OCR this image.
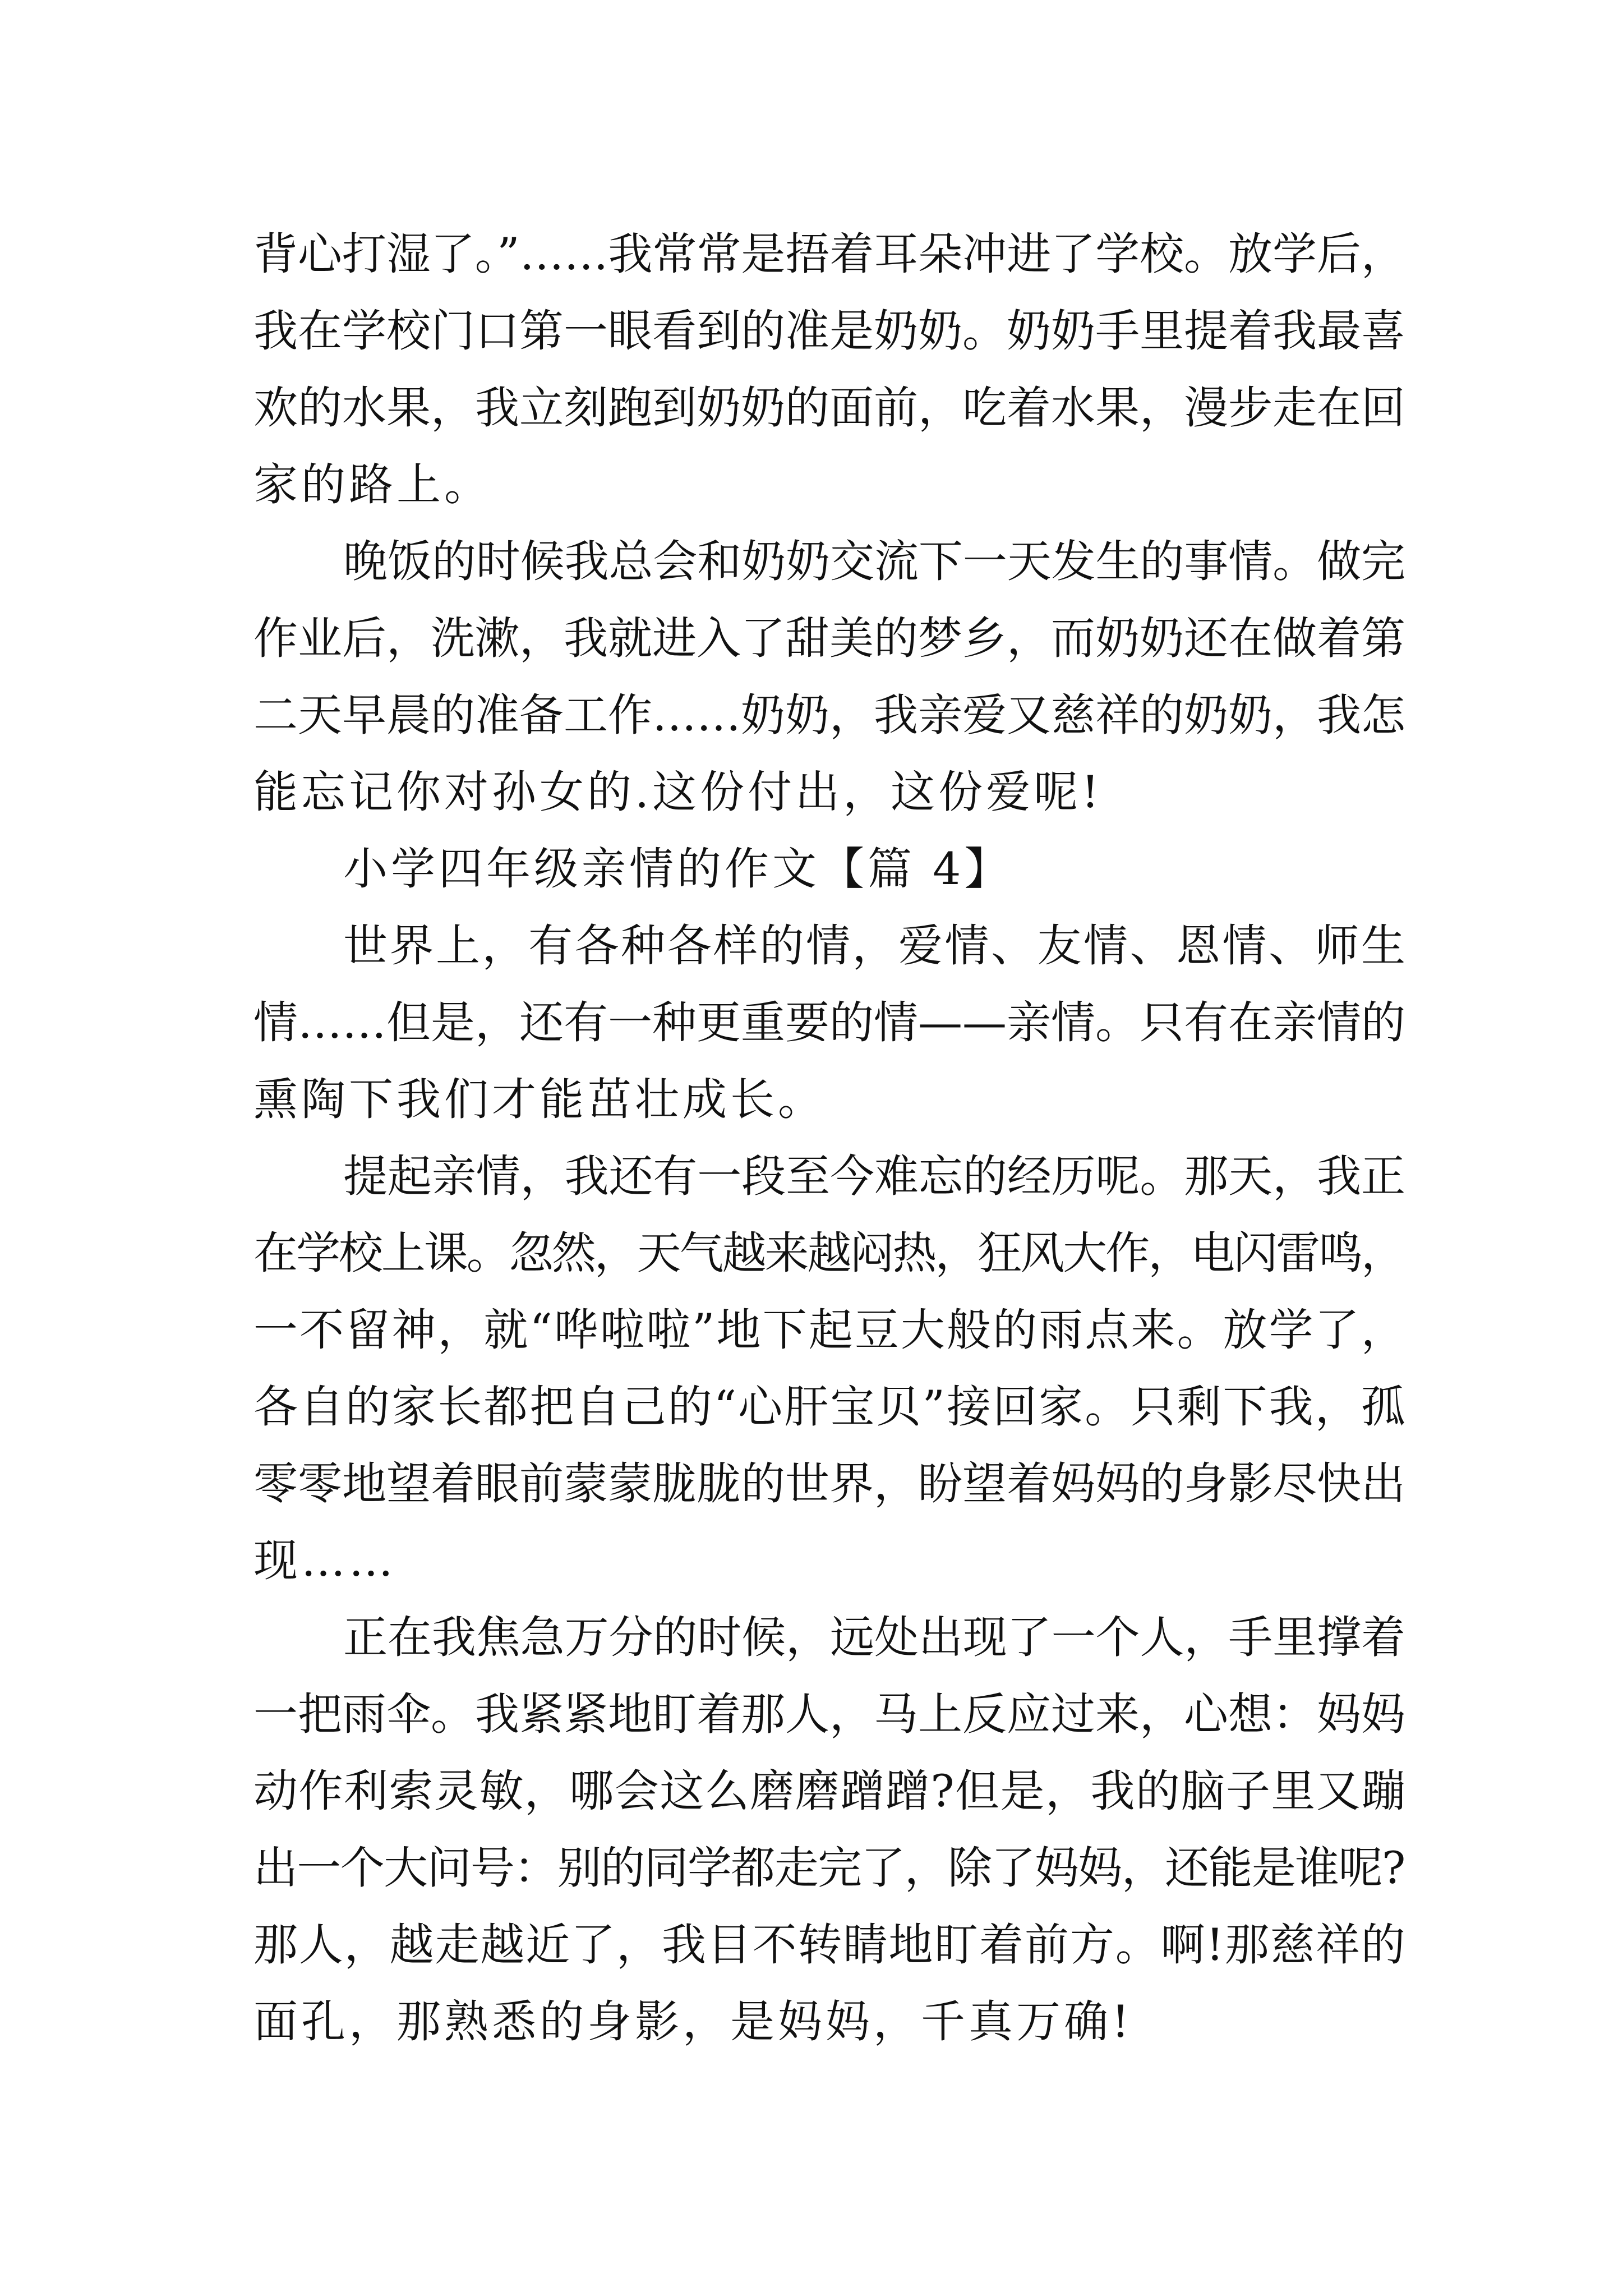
背心打湿了。”……我常常是捂着耳朵冲进了学校。放学后，
我在学校门口第一眼看到的准是奶奶。奶奶手里提着我最喜
欢的水果，我立刻跑到奶奶的面前，吃着水果，漫步走在回
家的路上。
晚饭的时候我总会和奶奶交流下一天发生的事情。做完
作业后，洗漱，我就进入了甜美的梦乡，而奶奶还在做着第
二天早晨的准备工作……奶奶，我亲爱又慈祥的奶奶，我怎
能忘记你对孙女的.这份付出，这份爱呢!
小学四年级亲情的作文【篇 4】
世界上，有各种各样的情，爱情、友情、恩情、师生
情……但是，还有一种更重要的情——亲情。只有在亲情的
熏陶下我们才能茁壮成长。
提起亲情，我还有一段至今难忘的经历呢。那天，我正
在学校上课。忽然，天气越来越闷热，狂风大作，电闪雷鸣，
一不留神，就“哗啦啦”地下起豆大般的雨点来。放学了，
各自的家长都把自己的“心肝宝贝”接回家。只剩下我，孤
零零地望着眼前蒙蒙胧胧的世界，盼望着妈妈的身影尽快出
现……
正在我焦急万分的时候，远处出现了一个人，手里撑着
一把雨伞。我紧紧地盯着那人，马上反应过来，心想：妈妈
动作利索灵敏，哪会这么磨磨蹭蹭?但是，我的脑子里又蹦
出一个大问号：别的同学都走完了，除了妈妈，还能是谁呢?
那人，越走越近了，我目不转睛地盯着前方。啊!那慈祥的
面孔，那熟悉的身影，是妈妈，千真万确!
